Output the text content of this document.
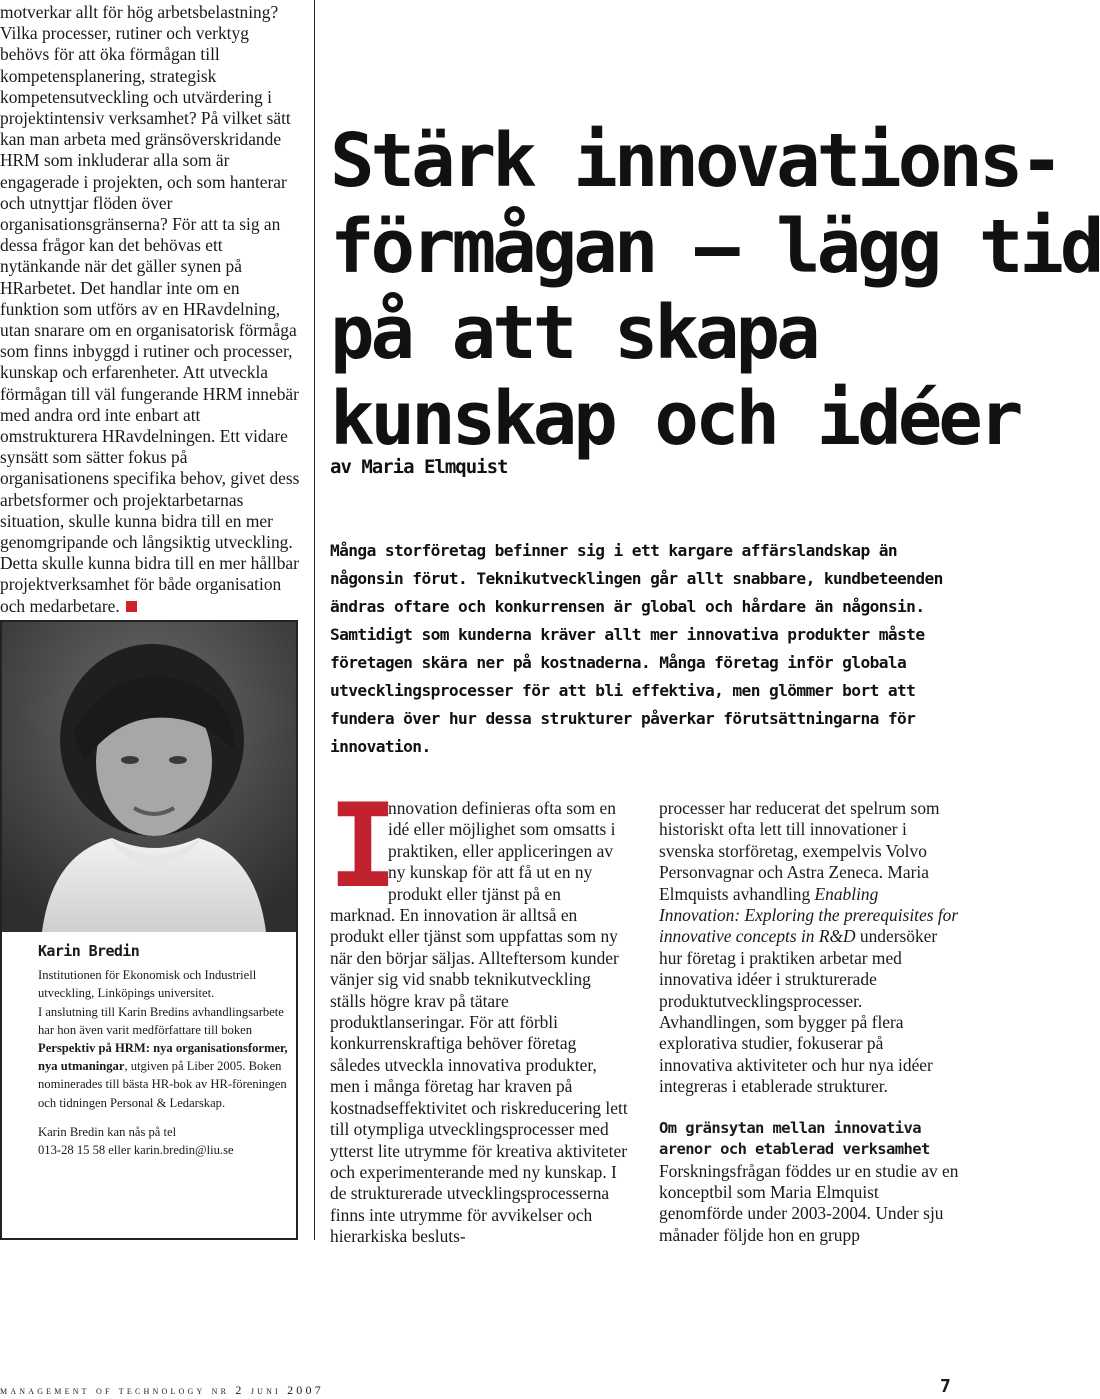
motverkar allt för hög arbetsbelastning? Vilka processer, rutiner och verktyg behövs för att öka förmågan till kompetensplanering, strategisk kompetensutveckling och utvärdering i projektintensiv verksamhet? På vilket sätt kan man arbeta med gränsöverskridande HRM som inkluderar alla som är engagerade i projekten, och som hanterar och utnyttjar flöden över organisationsgränserna? För att ta sig an dessa frågor kan det behövas ett nytänkande när det gäller synen på HRarbetet. Det handlar inte om en funktion som utförs av en HRavdelning, utan snarare om en organisatorisk förmåga som finns inbyggd i rutiner och processer, kunskap och erfarenheter. Att utveckla förmågan till väl fungerande HRM innebär med andra ord inte enbart att omstrukturera HRavdelningen. Ett vidare synsätt som sätter fokus på organisationens specifika behov, givet dess arbetsformer och projektarbetarnas situation, skulle kunna bidra till en mer genomgripande och långsiktig utveckling. Detta skulle kunna bidra till en mer hållbar projektverksamhet för både organisation och medarbetare.

Stärk innovations-
förmågan – lägg tid
på att skapa
kunskap och idéer
av Maria Elmquist
Många storföretag befinner sig i ett kargare affärslandskap än någonsin förut. Teknikutvecklingen går allt snabbare, kundbeteenden ändras oftare och konkurrensen är global och hårdare än någonsin. Samtidigt som kunderna kräver allt mer innovativa produkter måste företagen skära ner på kostnaderna. Många företag inför globala utvecklingsprocesser för att bli effektiva, men glömmer bort att fundera över hur dessa strukturer påverkar förutsättningarna för innovation.
Karin Bredin

Institutionen för Ekonomisk och Industriell utveckling, Linköpings universitet.

I anslutning till Karin Bredins avhandlingsarbete har hon även varit medförfattare till boken Perspektiv på HRM: nya organisationsformer, nya utmaningar, utgiven på Liber 2005. Boken nominerades till bästa HR-bok av HR-föreningen och tidningen Personal & Ledarskap.

Karin Bredin kan nås på tel

013-28 15 58 eller karin.bredin@liu.se

I
nnovation definieras ofta som en idé eller möjlighet som omsatts i praktiken, eller appliceringen av ny kunskap för att få ut en ny produkt eller tjänst på en marknad. En innovation är alltså en produkt eller tjänst som uppfattas som ny när den börjar säljas. Allteftersom kunder vänjer sig vid snabb teknikutveckling ställs högre krav på tätare produktlanseringar. För att förbli konkurrenskraftiga behöver företag således utveckla innovativa produkter, men i många företag har kraven på kostnadseffektivitet och riskreducering lett till otympliga utvecklingsprocesser med ytterst lite utrymme för kreativa aktiviteter och experimenterande med ny kunskap. I de strukturerade utvecklingsprocesserna finns inte utrymme för avvikelser och hierarkiska besluts-

processer har reducerat det spelrum som historiskt ofta lett till innovationer i svenska storföretag, exempelvis Volvo Personvagnar och Astra Zeneca. Maria Elmquists avhandling Enabling Innovation: Exploring the prerequisites for innovative concepts in R&D undersöker hur företag i praktiken arbetar med innovativa idéer i strukturerade produktutvecklingsprocesser. Avhandlingen, som bygger på flera explorativa studier, fokuserar på innovativa aktiviteter och hur nya idéer integreras i etablerade strukturer.

Om gränsytan mellan innovativa arenor och etablerad verksamhet

Forskningsfrågan föddes ur en studie av en konceptbil som Maria Elmquist genomförde under 2003-2004. Under sju månader följde hon en grupp

management of technology nr 2 juni 2007	7
